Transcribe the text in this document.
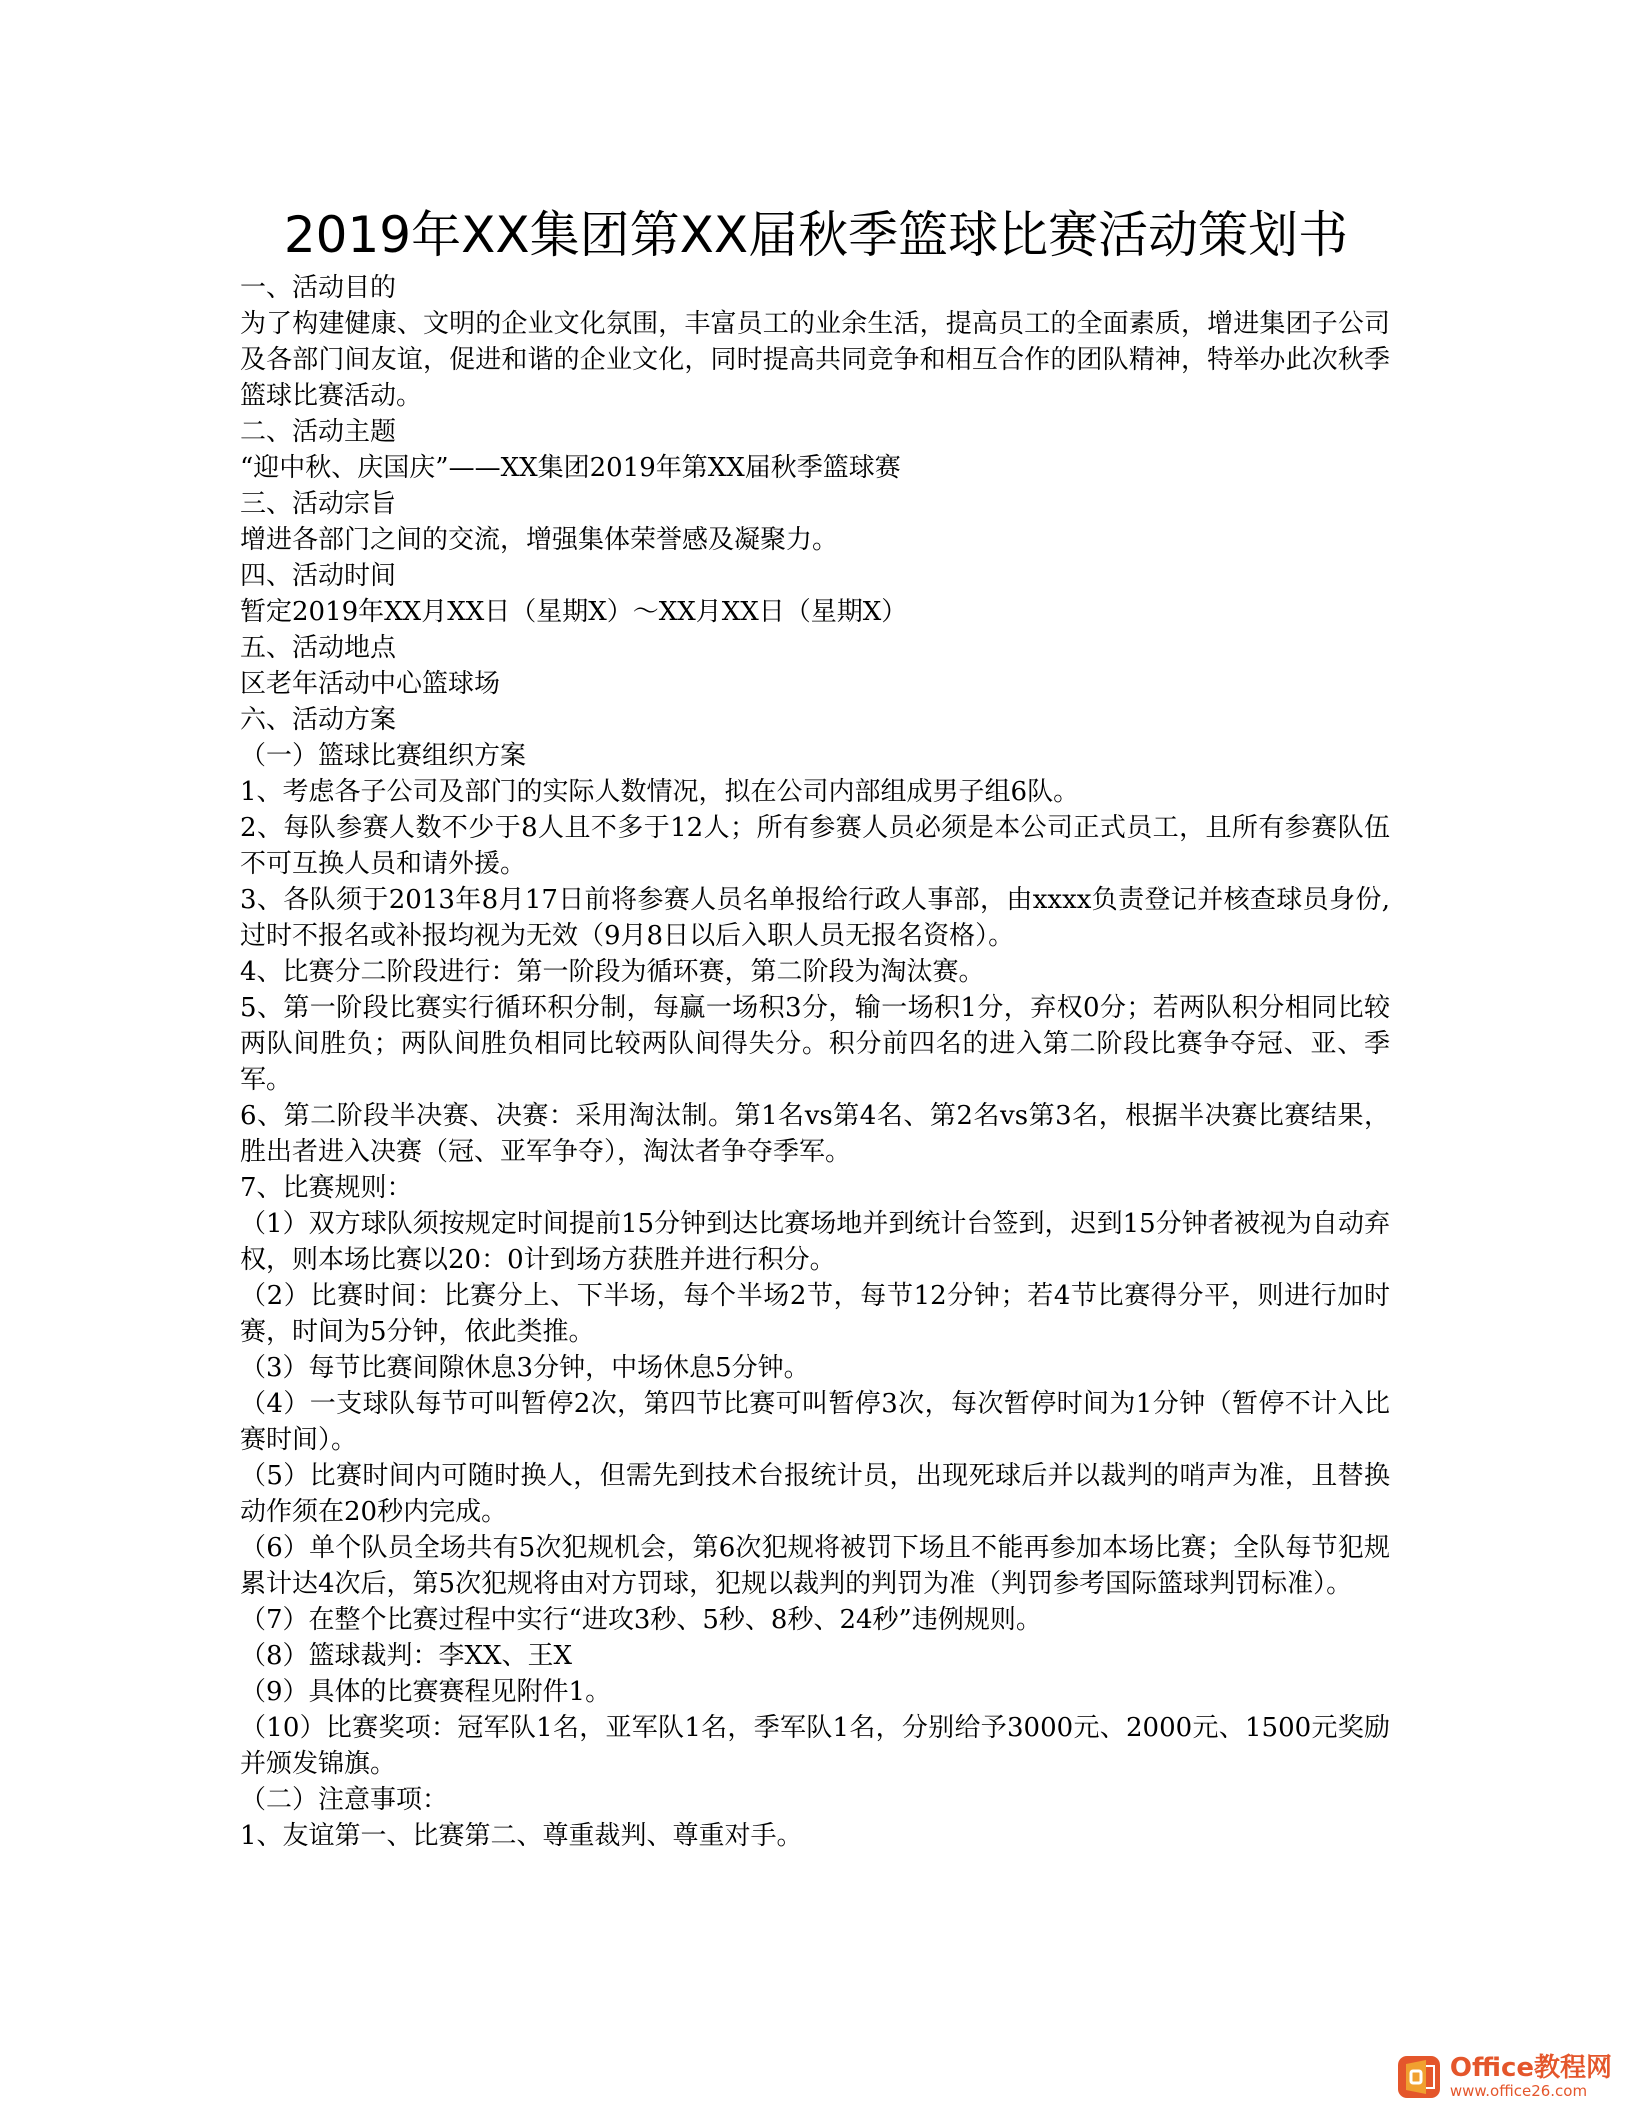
2019年XX集团第XX届秋季篮球比赛活动策划书

一、活动目的

为了构建健康、文明的企业文化氛围，丰富员工的业余生活，提高员工的全面素质，增进集团子公司及各部门间友谊，促进和谐的企业文化，同时提高共同竞争和相互合作的团队精神，特举办此次秋季篮球比赛活动。

二、活动主题

“迎中秋、庆国庆”——XX集团2019年第XX届秋季篮球赛

三、活动宗旨

增进各部门之间的交流，增强集体荣誉感及凝聚力。

四、活动时间

暂定2019年XX月XX日（星期X）～XX月XX日（星期X）

五、活动地点

区老年活动中心篮球场

六、活动方案

（一）篮球比赛组织方案

1、考虑各子公司及部门的实际人数情况，拟在公司内部组成男子组6队。

2、每队参赛人数不少于8人且不多于12人；所有参赛人员必须是本公司正式员工，且所有参赛队伍不可互换人员和请外援。

3、各队须于2013年8月17日前将参赛人员名单报给行政人事部，由xxxx负责登记并核查球员身份,过时不报名或补报均视为无效（9月8日以后入职人员无报名资格）。

4、比赛分二阶段进行：第一阶段为循环赛，第二阶段为淘汰赛。

5、第一阶段比赛实行循环积分制，每赢一场积3分，输一场积1分，弃权0分；若两队积分相同比较两队间胜负；两队间胜负相同比较两队间得失分。积分前四名的进入第二阶段比赛争夺冠、亚、季军。

6、第二阶段半决赛、决赛：采用淘汰制。第1名vs第4名、第2名vs第3名，根据半决赛比赛结果，胜出者进入决赛（冠、亚军争夺），淘汰者争夺季军。

7、比赛规则：

（1）双方球队须按规定时间提前15分钟到达比赛场地并到统计台签到，迟到15分钟者被视为自动弃权，则本场比赛以20：0计到场方获胜并进行积分。

（2）比赛时间：比赛分上、下半场，每个半场2节，每节12分钟；若4节比赛得分平，则进行加时赛，时间为5分钟，依此类推。

（3）每节比赛间隙休息3分钟，中场休息5分钟。

（4）一支球队每节可叫暂停2次，第四节比赛可叫暂停3次，每次暂停时间为1分钟（暂停不计入比赛时间）。

（5）比赛时间内可随时换人，但需先到技术台报统计员，出现死球后并以裁判的哨声为准，且替换动作须在20秒内完成。

（6）单个队员全场共有5次犯规机会，第6次犯规将被罚下场且不能再参加本场比赛；全队每节犯规累计达4次后，第5次犯规将由对方罚球，犯规以裁判的判罚为准（判罚参考国际篮球判罚标准）。

（7）在整个比赛过程中实行“进攻3秒、5秒、8秒、24秒”违例规则。

（8）篮球裁判：李XX、王X

（9）具体的比赛赛程见附件1。

（10）比赛奖项：冠军队1名，亚军队1名，季军队1名，分别给予3000元、2000元、1500元奖励并颁发锦旗。

（二）注意事项：

1、友谊第一、比赛第二、尊重裁判、尊重对手。

Office教程网
www.office26.com
